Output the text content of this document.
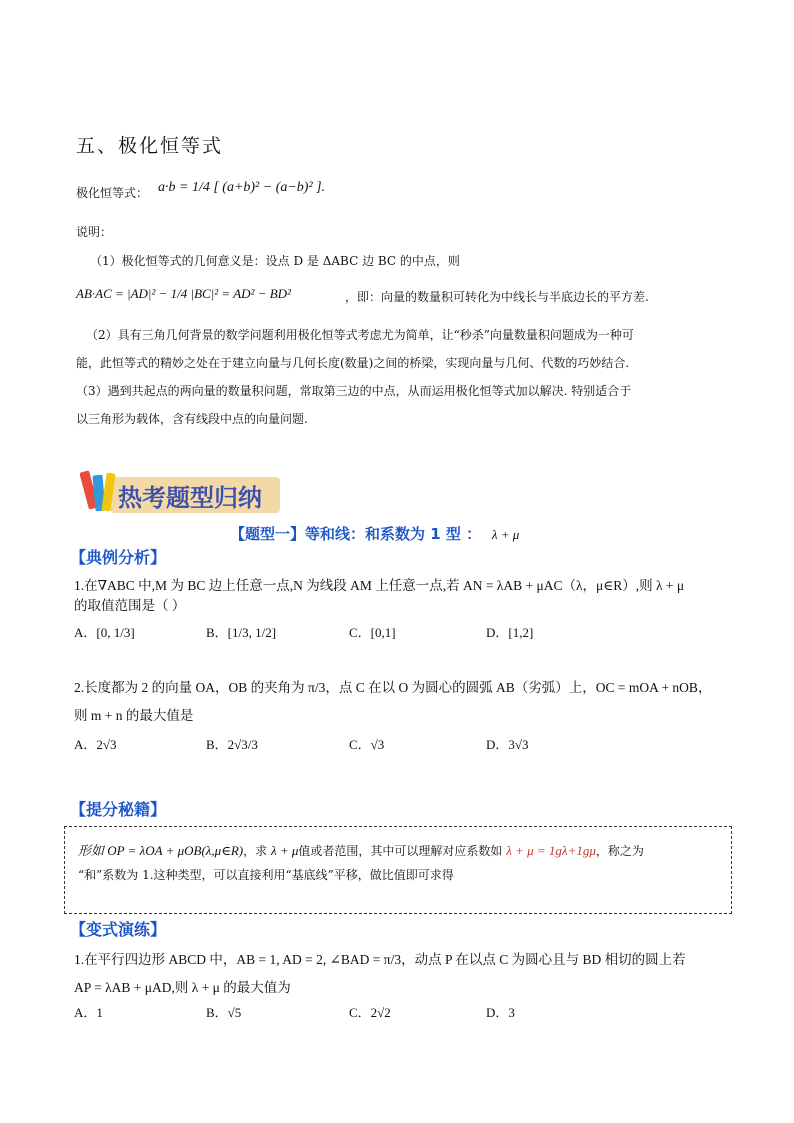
五、极化恒等式
极化恒等式： a·b = 1/4 [ (a+b)² − (a−b)² ].
说明：
（1）极化恒等式的几何意义是：设点 D 是 ΔABC 边 BC 的中点，则
AB·AC = |AD|² − 1/4 |BC|² = AD² − BD²	，即：向量的数量积可转化为中线长与半底边长的平方差.
（2）具有三角几何背景的数学问题利用极化恒等式考虑尤为简单，让“秒杀”向量数量积问题成为一种可
能，此恒等式的精妙之处在于建立向量与几何长度(数量)之间的桥梁，实现向量与几何、代数的巧妙结合.
（3）遇到共起点的两向量的数量积问题，常取第三边的中点，从而运用极化恒等式加以解决. 特别适合于
以三角形为载体，含有线段中点的向量问题.
热考题型归纳
【题型一】等和线：和系数为 1 型 ： λ + μ
【典例分析】
1.在∇ABC 中,M 为 BC 边上任意一点,N 为线段 AM 上任意一点,若 AN = λAB + μAC（λ，μ∈R）,则 λ + μ
的取值范围是（ ）
A．[0, 1/3]	B．[1/3, 1/2]	C．[0,1]	D．[1,2]
2.长度都为 2 的向量 OA，OB 的夹角为 π/3，点 C 在以 O 为圆心的圆弧 AB（劣弧）上，OC = mOA + nOB，
则 m + n 的最大值是
A．2√3	B．2√3/3	C．√3	D．3√3
【提分秘籍】
形如 OP = λOA + μOB(λ,μ∈R)，求 λ + μ值或者范围，其中可以理解对应系数如 λ + μ = 1gλ+1gμ，称之为
“和”系数为 1.这种类型，可以直接利用“基底线”平移，做比值即可求得
【变式演练】
1.在平行四边形 ABCD 中，AB = 1, AD = 2, ∠BAD = π/3，动点 P 在以点 C 为圆心且与 BD 相切的圆上若
AP = λAB + μAD,则 λ + μ 的最大值为
A．1	B．√5	C．2√2	D．3
